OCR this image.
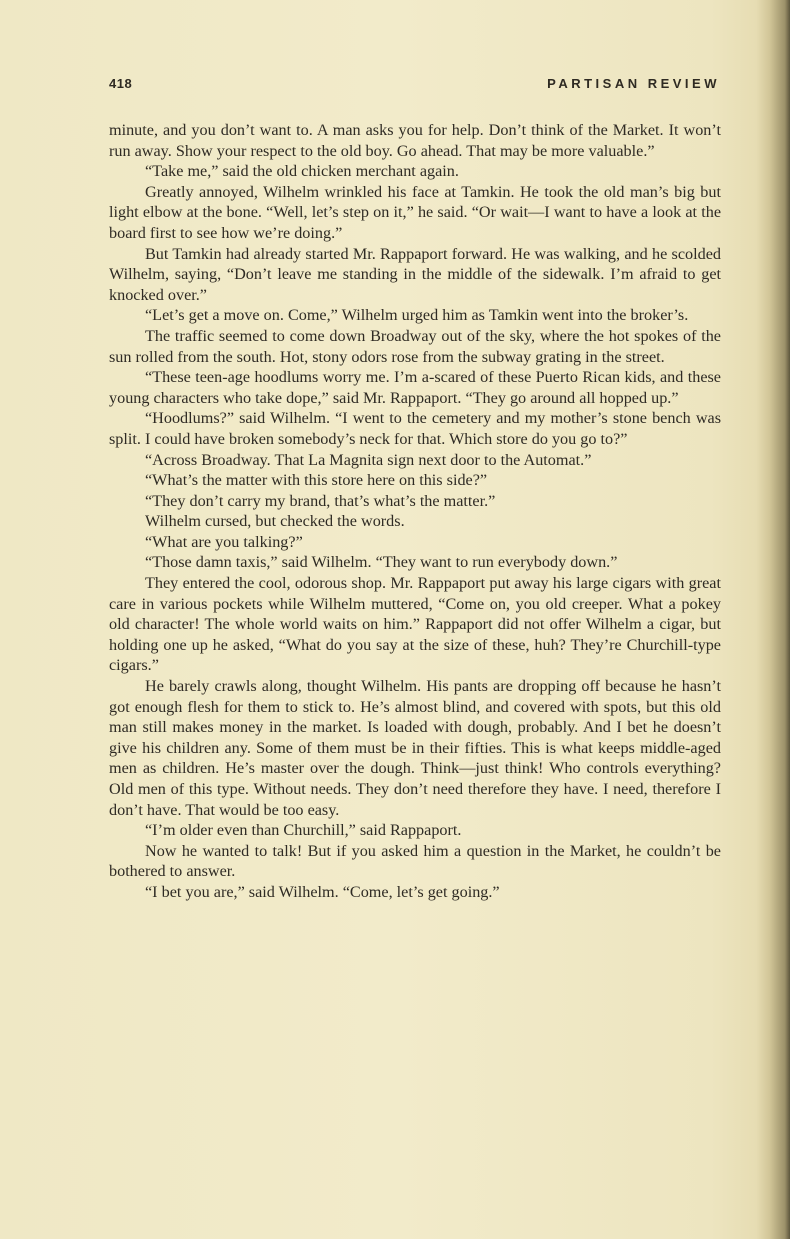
418	PARTISAN REVIEW

minute, and you don’t want to. A man asks you for help. Don’t think of the Market. It won’t run away. Show your respect to the old boy. Go ahead. That may be more valuable.”

“Take me,” said the old chicken merchant again.

Greatly annoyed, Wilhelm wrinkled his face at Tamkin. He took the old man’s big but light elbow at the bone. “Well, let’s step on it,” he said. “Or wait—I want to have a look at the board first to see how we’re doing.”

But Tamkin had already started Mr. Rappaport forward. He was walking, and he scolded Wilhelm, saying, “Don’t leave me standing in the middle of the sidewalk. I’m afraid to get knocked over.”

“Let’s get a move on. Come,” Wilhelm urged him as Tamkin went into the broker’s.

The traffic seemed to come down Broadway out of the sky, where the hot spokes of the sun rolled from the south. Hot, stony odors rose from the subway grating in the street.

“These teen-age hoodlums worry me. I’m a-scared of these Puerto Rican kids, and these young characters who take dope,” said Mr. Rappaport. “They go around all hopped up.”

“Hoodlums?” said Wilhelm. “I went to the cemetery and my mother’s stone bench was split. I could have broken somebody’s neck for that. Which store do you go to?”

“Across Broadway. That La Magnita sign next door to the Automat.”

“What’s the matter with this store here on this side?”

“They don’t carry my brand, that’s what’s the matter.”

Wilhelm cursed, but checked the words.

“What are you talking?”

“Those damn taxis,” said Wilhelm. “They want to run everybody down.”

They entered the cool, odorous shop. Mr. Rappaport put away his large cigars with great care in various pockets while Wilhelm muttered, “Come on, you old creeper. What a pokey old character! The whole world waits on him.” Rappaport did not offer Wilhelm a cigar, but holding one up he asked, “What do you say at the size of these, huh? They’re Churchill-type cigars.”

He barely crawls along, thought Wilhelm. His pants are dropping off because he hasn’t got enough flesh for them to stick to. He’s almost blind, and covered with spots, but this old man still makes money in the market. Is loaded with dough, probably. And I bet he doesn’t give his children any. Some of them must be in their fifties. This is what keeps middle-aged men as children. He’s master over the dough. Think—just think! Who controls everything? Old men of this type. Without needs. They don’t need therefore they have. I need, therefore I don’t have. That would be too easy.

“I’m older even than Churchill,” said Rappaport.

Now he wanted to talk! But if you asked him a question in the Market, he couldn’t be bothered to answer.

“I bet you are,” said Wilhelm. “Come, let’s get going.”
